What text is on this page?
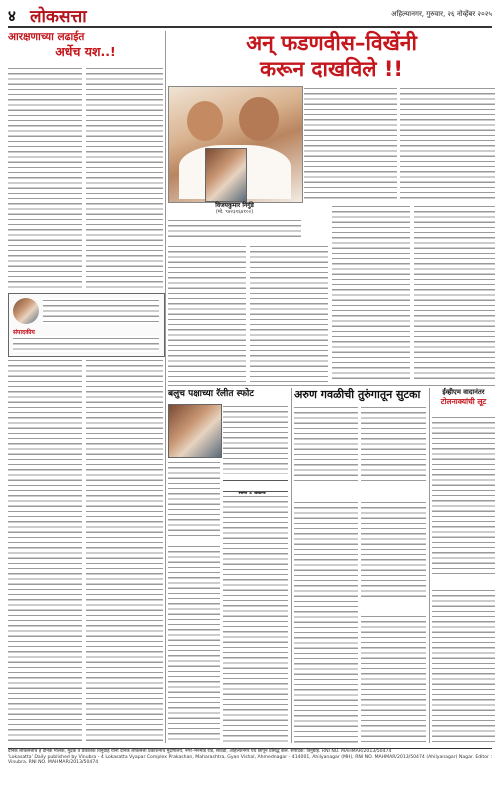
४ लोकसत्ता	अहिल्यानगर, गुरुवार, २६ नोव्हेंबर २०२५
आरक्षणाच्या लढाईत
अर्धेच यश..!
संपादकीय
अन् फडणवीस–विखेंनी
करून दाखविले !!
विजयकुमार निर्गुडे
(मो. ९४२३१६४१००)
बलुच पक्षाच्या रॅलीत स्फोट	अरुण गवळीची तुरुंगातून सुटका	ईव्हीएम वादानंतर
टोलनाक्यांची लूट
दैनिक लोकसत्ताचे हे दैनिक मालक, मुद्रक व प्रकाशक विनुग्राह यांनी दैनिक लोकसत्ता प्रकाशनाचे मुद्रणालय, नगर–मनमाड रोड, सावेडी, अहिल्यानगर येथे छापून प्रसिद्ध केले. संपादक: विनुग्राह. RNI NO. MAHMAR/2013/50474
'Lokasatta' Daily published by Vinubra - 4 Lokasatta Vyapar Complex Prakashan, Maharashtra, Gyan Vishal, Ahmednagar - 414001, Ahilyanagar (MH), RNI NO. MAHMAR/2013/50474 (Ahilyanagar) Nagar. Editor : Vinubra. RNI NO. MAHMAR/2013/50474
